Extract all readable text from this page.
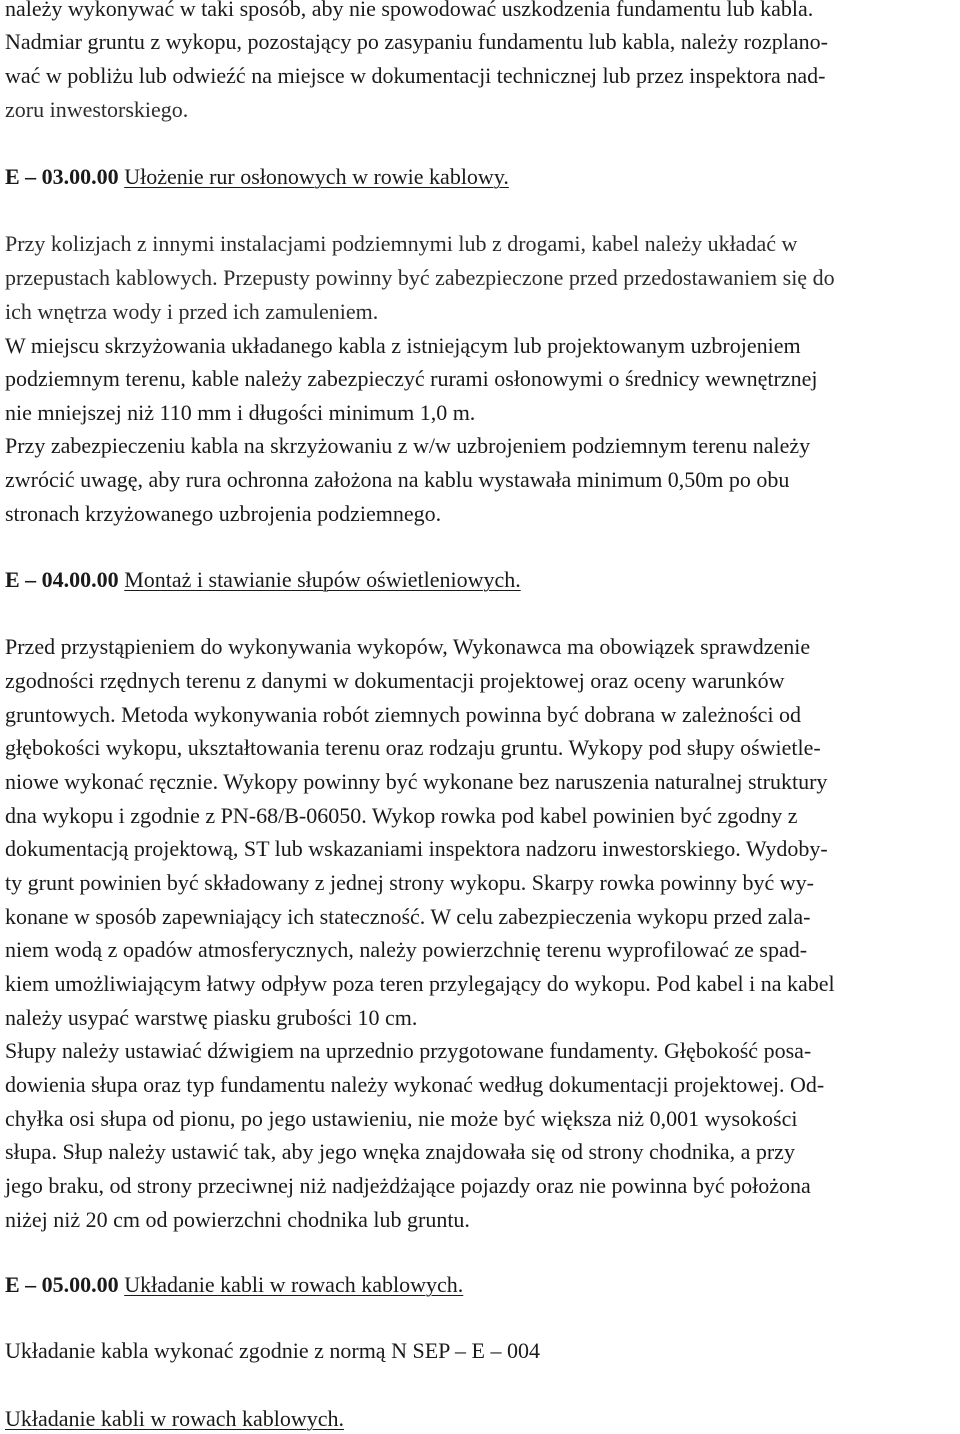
należy wykonywać w taki sposób, aby nie spowodować uszkodzenia fundamentu lub kabla.
Nadmiar gruntu z wykopu, pozostający po zasypaniu fundamentu lub kabla, należy rozplano-
wać w pobliżu lub odwieźć na miejsce w dokumentacji technicznej lub przez inspektora nad-
zoru inwestorskiego.
E – 03.00.00 Ułożenie rur osłonowych w rowie kablowy.
Przy kolizjach z innymi instalacjami podziemnymi lub z drogami, kabel należy układać w
przepustach kablowych. Przepusty powinny być zabezpieczone przed przedostawaniem się do
ich wnętrza wody i przed ich zamuleniem.
W miejscu skrzyżowania układanego kabla z istniejącym lub projektowanym uzbrojeniem
podziemnym terenu, kable należy zabezpieczyć rurami osłonowymi o średnicy wewnętrznej
nie mniejszej niż 110 mm i długości minimum 1,0 m.
Przy zabezpieczeniu kabla na skrzyżowaniu z w/w uzbrojeniem podziemnym terenu należy
zwrócić uwagę, aby rura ochronna założona na kablu wystawała minimum 0,50m po obu
stronach krzyżowanego uzbrojenia podziemnego.
E – 04.00.00 Montaż i stawianie słupów oświetleniowych.
Przed przystąpieniem do wykonywania wykopów, Wykonawca ma obowiązek sprawdzenie
zgodności rzędnych terenu z danymi w dokumentacji projektowej oraz oceny warunków
gruntowych. Metoda wykonywania robót ziemnych powinna być dobrana w zależności od
głębokości wykopu, ukształtowania terenu oraz rodzaju gruntu. Wykopy pod słupy oświetle-
niowe wykonać ręcznie. Wykopy powinny być wykonane bez naruszenia naturalnej struktury
dna wykopu i zgodnie z PN-68/B-06050. Wykop rowka pod kabel powinien być zgodny z
dokumentacją projektową, ST lub wskazaniami inspektora nadzoru inwestorskiego. Wydoby-
ty grunt powinien być składowany z jednej strony wykopu. Skarpy rowka powinny być wy-
konane w sposób zapewniający ich stateczność. W celu zabezpieczenia wykopu przed zala-
niem wodą z opadów atmosferycznych, należy powierzchnię terenu wyprofilować ze spad-
kiem umożliwiającym łatwy odpływ poza teren przylegający do wykopu. Pod kabel i na kabel
należy usypać warstwę piasku grubości 10 cm.
Słupy należy ustawiać dźwigiem na uprzednio przygotowane fundamenty. Głębokość posa-
dowienia słupa oraz typ fundamentu należy wykonać według dokumentacji projektowej. Od-
chyłka osi słupa od pionu, po jego ustawieniu, nie może być większa niż 0,001 wysokości
słupa. Słup należy ustawić tak, aby jego wnęka znajdowała się od strony chodnika, a przy
jego braku, od strony przeciwnej niż nadjeżdżające pojazdy oraz nie powinna być położona
niżej niż 20 cm od powierzchni chodnika lub gruntu.
E – 05.00.00 Układanie kabli w rowach kablowych.
Układanie kabla wykonać zgodnie z normą N SEP – E – 004
Układanie kabli w rowach kablowych.
